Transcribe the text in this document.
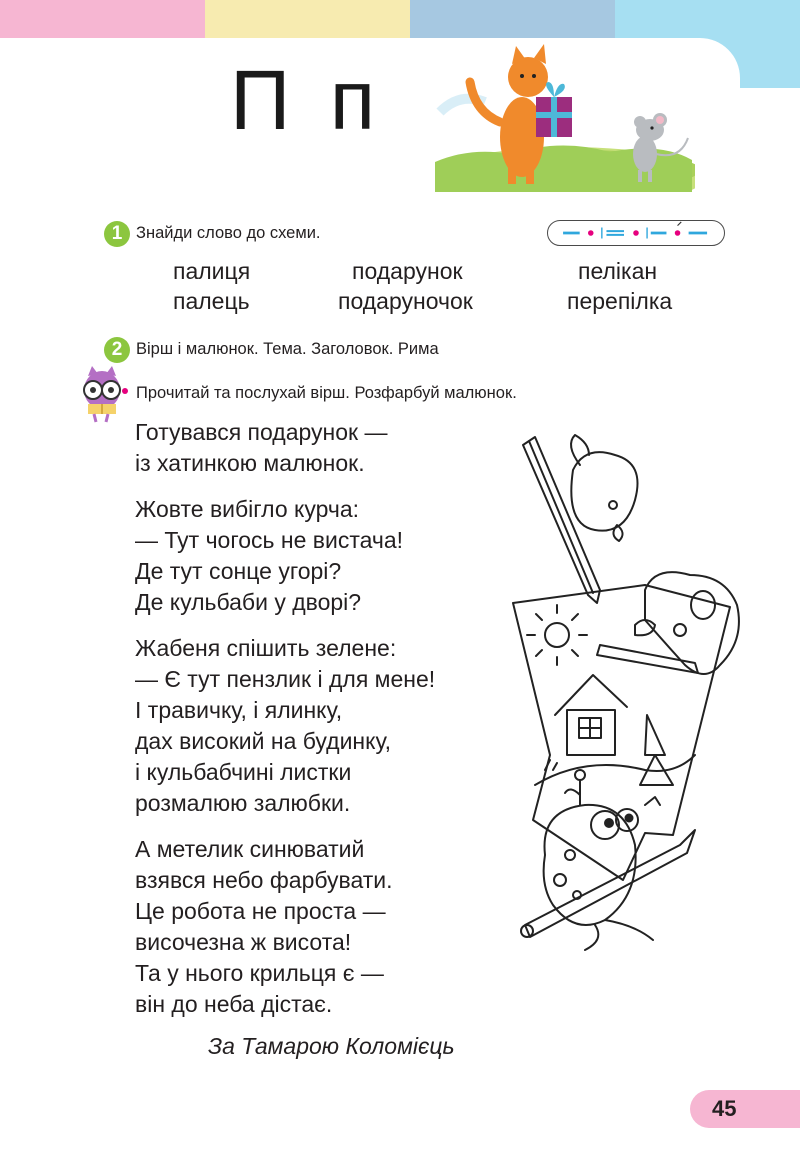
П п
1 Знайди слово до схеми.
палиця	подарунок	пелікан
палець	подаруночок	перепілка
2 Вірш і малюнок. Тема. Заголовок. Рима
Прочитай та послухай вірш. Розфарбуй малюнок.
Готувався подарунок —
із хатинкою малюнок.
Жовте вибігло курча:
— Тут чогось не вистача!
Де тут сонце угорі?
Де кульбаби у дворі?
Жабеня спішить зелене:
— Є тут пензлик і для мене!
І травичку, і ялинку,
дах високий на будинку,
і кульбабчині листки
розмалюю залюбки.
А метелик синюватий
взявся небо фарбувати.
Це робота не проста —
височезна ж висота!
Та у нього крильця є —
він до неба дістає.
За Тамарою Коломієць
45
